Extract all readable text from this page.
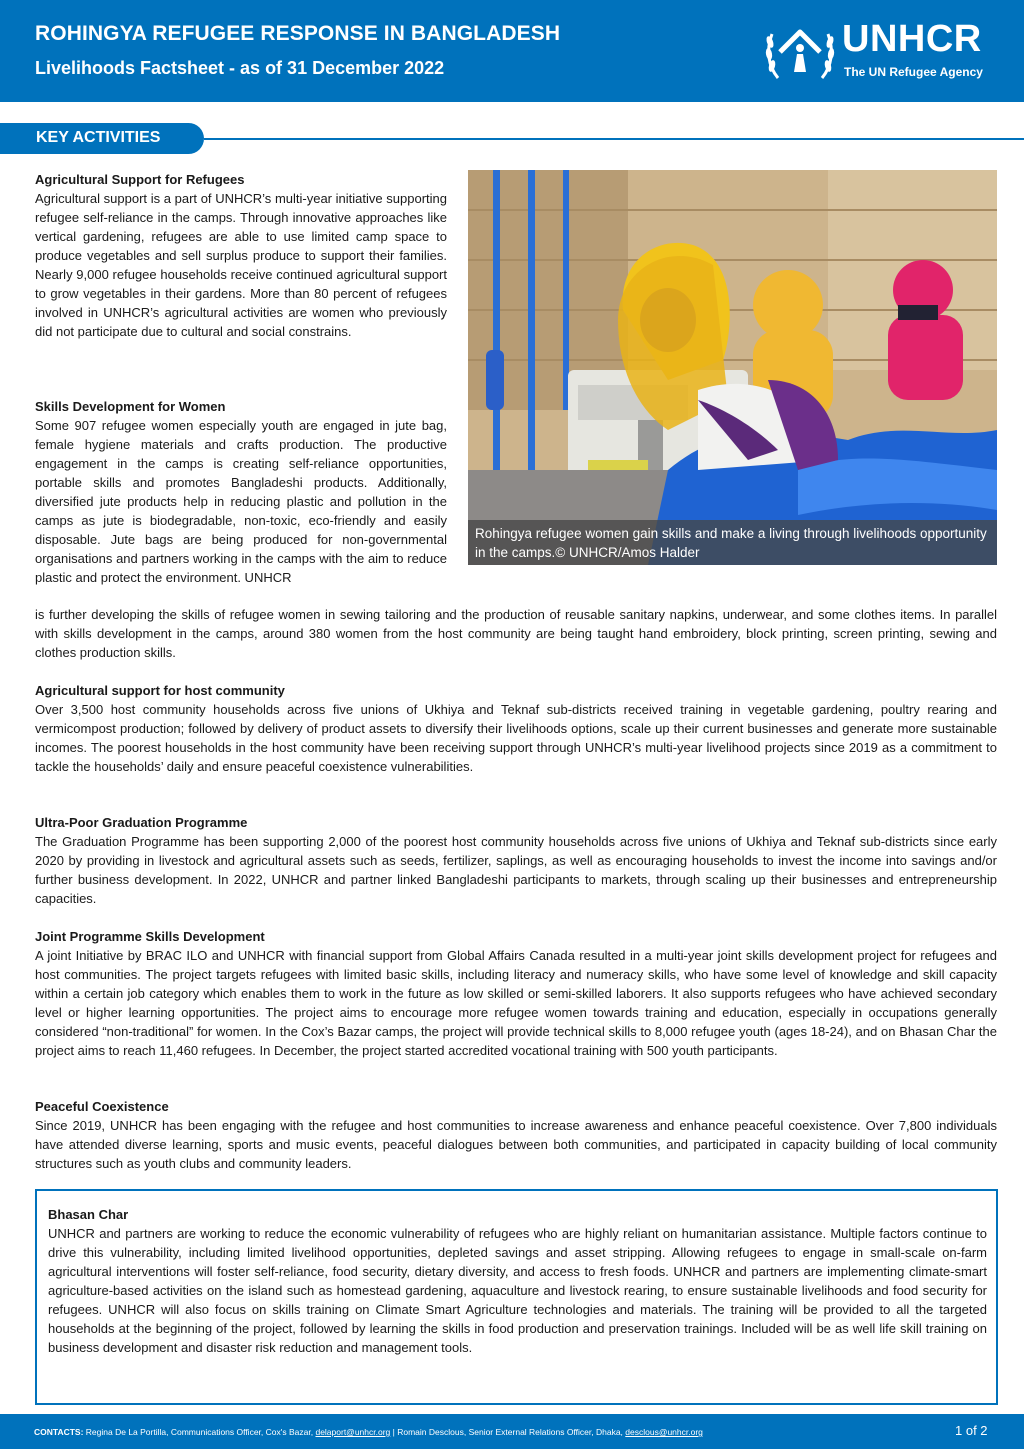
ROHINGYA REFUGEE RESPONSE IN BANGLADESH
Livelihoods Factsheet - as of 31 December 2022
UNHCR
The UN Refugee Agency
KEY ACTIVITIES

Agricultural Support for Refugees

Agricultural support is a part of UNHCR’s multi-year initiative supporting refugee self-reliance in the camps. Through innovative approaches like vertical gardening, refugees are able to use limited camp space to produce vegetables and sell surplus produce to support their families. Nearly 9,000 refugee households receive continued agricultural support to grow vegetables in their gardens. More than 80 percent of refugees involved in UNHCR’s agricultural activities are women who previously did not participate due to cultural and social constrains.

Skills Development for Women

Some 907 refugee women especially youth are engaged in jute bag, female hygiene materials and crafts production. The productive engagement in the camps is creating self-reliance opportunities, portable skills and promotes Bangladeshi products. Additionally, diversified jute products help in reducing plastic and pollution in the camps as jute is biodegradable, non-toxic, eco-friendly and easily disposable. Jute bags are being produced for non-governmental organisations and partners working in the camps with the aim to reduce plastic and protect the environment. UNHCR

Rohingya refugee women gain skills and make a living through livelihoods opportunity in the camps.© UNHCR/Amos Halder

is further developing the skills of refugee women in sewing tailoring and the production of reusable sanitary napkins, underwear, and some clothes items. In parallel with skills development in the camps, around 380 women from the host community are being taught hand embroidery, block printing, screen printing, sewing and clothes production skills.

Agricultural support for host community

Over 3,500 host community households across five unions of Ukhiya and Teknaf sub-districts received training in vegetable gardening, poultry rearing and vermicompost production; followed by delivery of product assets to diversify their livelihoods options, scale up their current businesses and generate more sustainable incomes. The poorest households in the host community have been receiving support through UNHCR’s multi-year livelihood projects since 2019 as a commitment to tackle the households’ daily and ensure peaceful coexistence vulnerabilities.

Ultra-Poor Graduation Programme

The Graduation Programme has been supporting 2,000 of the poorest host community households across five unions of Ukhiya and Teknaf sub-districts since early 2020 by providing in livestock and agricultural assets such as seeds, fertilizer, saplings, as well as encouraging households to invest the income into savings and/or further business development. In 2022, UNHCR and partner linked Bangladeshi participants to markets, through scaling up their businesses and entrepreneurship capacities.

Joint Programme Skills Development

A joint Initiative by BRAC ILO and UNHCR with financial support from Global Affairs Canada resulted in a multi-year joint skills development project for refugees and host communities. The project targets refugees with limited basic skills, including literacy and numeracy skills, who have some level of knowledge and skill capacity within a certain job category which enables them to work in the future as low skilled or semi-skilled laborers. It also supports refugees who have achieved secondary level or higher learning opportunities. The project aims to encourage more refugee women towards training and education, especially in occupations generally considered “non-traditional” for women. In the Cox’s Bazar camps, the project will provide technical skills to 8,000 refugee youth (ages 18-24), and on Bhasan Char the project aims to reach 11,460 refugees. In December, the project started accredited vocational training with 500 youth participants.

Peaceful Coexistence

Since 2019, UNHCR has been engaging with the refugee and host communities to increase awareness and enhance peaceful coexistence. Over 7,800 individuals have attended diverse learning, sports and music events, peaceful dialogues between both communities, and participated in capacity building of local community structures such as youth clubs and community leaders.

Bhasan Char

UNHCR and partners are working to reduce the economic vulnerability of refugees who are highly reliant on humanitarian assistance. Multiple factors continue to drive this vulnerability, including limited livelihood opportunities, depleted savings and asset stripping. Allowing refugees to engage in small-scale on-farm agricultural interventions will foster self-reliance, food security, dietary diversity, and access to fresh foods. UNHCR and partners are implementing climate-smart agriculture-based activities on the island such as homestead gardening, aquaculture and livestock rearing, to ensure sustainable livelihoods and food security for refugees. UNHCR will also focus on skills training on Climate Smart Agriculture technologies and materials. The training will be provided to all the targeted households at the beginning of the project, followed by learning the skills in food production and preservation trainings. Included will be as well life skill training on business development and disaster risk reduction and management tools.

CONTACTS: Regina De La Portilla, Communications Officer, Cox's Bazar, delaport@unhcr.org | Romain Desclous, Senior External Relations Officer, Dhaka, desclous@unhcr.org	1 of 2
